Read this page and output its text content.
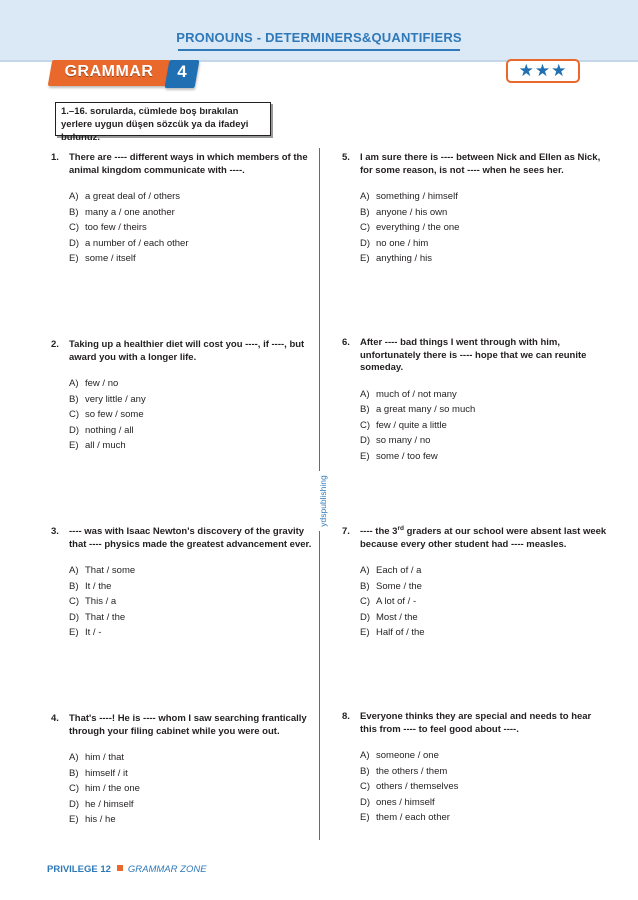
PRONOUNS - DETERMINERS&QUANTIFIERS
GRAMMAR	4	★★★
1.–16. sorularda, cümlede boş bırakılan yerlere uygun düşen sözcük ya da ifadeyi bulunuz.
ydspublishing
1. There are ---- different ways in which members of the animal kingdom communicate with ----.
A) a great deal of / others
B) many a / one another
C) too few / theirs
D) a number of / each other
E) some / itself
2. Taking up a healthier diet will cost you ----, if ----, but award you with a longer life.
A) few / no
B) very little / any
C) so few / some
D) nothing / all
E) all / much
3. ---- was with Isaac Newton's discovery of the gravity that ---- physics made the greatest advancement ever.
A) That / some
B) It / the
C) This / a
D) That / the
E) It / -
4. That's ----! He is ---- whom I saw searching frantically through your filing cabinet while you were out.
A) him / that
B) himself / it
C) him / the one
D) he / himself
E) his / he
5. I am sure there is ---- between Nick and Ellen as Nick, for some reason, is not ---- when he sees her.
A) something / himself
B) anyone / his own
C) everything / the one
D) no one / him
E) anything / his
6. After ---- bad things I went through with him, unfortunately there is ---- hope that we can reunite someday.
A) much of / not many
B) a great many / so much
C) few / quite a little
D) so many / no
E) some / too few
7. ---- the 3rd graders at our school were absent last week because every other student had ---- measles.
A) Each of / a
B) Some / the
C) A lot of / -
D) Most / the
E) Half of / the
8. Everyone thinks they are special and needs to hear this from ---- to feel good about ----.
A) someone / one
B) the others / them
C) others / themselves
D) ones / himself
E) them / each other
PRIVILEGE 12 GRAMMAR ZONE
